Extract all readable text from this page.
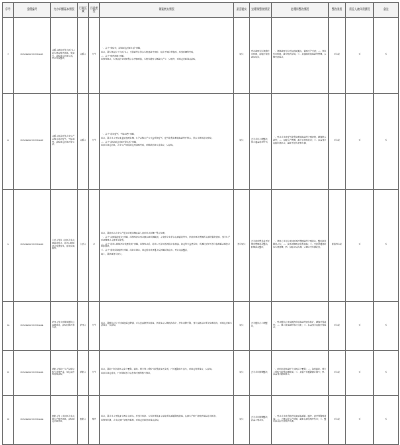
序号	受理编号	交办问题基本情况	行政区域	污染类型	调查核实情况	是否属实	处理和整改情况	处理和整改情况	整改进度	责任人被问责情况	备注
7	D2SCA202112220001	成都市武侯区某小区门口的垃圾站噪声扰民，臭味大，影响周边居民生活，要求尽快整改。	成都市	大气	一、关于“臭味大，影响周边居民生活”问题。
经查，该垃圾站位于小区门口，日常运行中存在垃圾清运不及时、冲洗不到位等情况，局部区域有异味。
二、关于“噪声扰民”问题。
经现场调查，垃圾站作业时间集中在早晚时段，垃圾压缩及车辆进出产生一定噪声，对周边居民造成影响。	属实	要求运营单位规范作业时间，加强日常清运和冲洗。	一、督促运营单位增加清运频次，做到日产日清；二、优化作业时间，减少噪声影响；三、加强除臭设施运行管理，定期开展巡查。	已办结	无	无
8	D2SCA202112220002	成都市双流区某企业生产过程中排放废气，气味刺鼻，影响周边居民正常生活。	成都市	大气	一、关于“排放废气，气味刺鼻”问题。
经查，该企业主要从事金属表面处理，生产过程中产生少量有机废气，废气收集处理设施运行不稳定，存在无组织排放现象。
二、关于“影响周边居民正常生活”问题。
经走访周边居民，企业生产时段周边可闻到异味，对附近居民生活造成一定影响。	属实	责令企业立即整改，停止违法排污行为。	一、要求企业对废气收集处理设施进行全面检修，确保稳定运行；二、加强生产管理，减少无组织排放；三、执法部门加强监督检查，适时开展监督性监测。	已办结	无	无
9	D2SCA202112220003	自贡市某化工园区企业夜间偷排废水，排污口附近河水发黑发臭，群众反映强烈。	自贡市	水	经查，该园区内企业生产废水经预处理后进入园区污水处理厂集中处理。
一、关于“夜间偷排废水”问题。经现场检查及查阅在线监测数据，未发现企业存在夜间偷排行为，但园区雨水管网存在混接错接情况，部分生产区初期雨水未能有效收集。
二、关于“排污口附近河水发黑发臭”问题。经现场查看，排污口下游局部河段水体浑浊，岸边有少量漂浮物，监测结果显示部分指标超过地表水标准限值。
三、关于“群众反映强烈”问题。经走访调查，周边群众对河道水质问题反映较多，要求加快整治。
综上，该问题部分属实。	部分属实	责令园区管委会开展雨污管网排查整治，限期完成整改。	一、组织专业单位对园区雨污管网进行全面排查，整改混接错接点位；二、完善初期雨水收集设施；三、开展河道清淤和垃圾清理；四、加强水质监测，定期公开监测结果。	阶段性办结	无	无
10	D2SCA202112220004	泸州市某小区附近餐饮店油烟直排，影响居民正常生活。	泸州市	大气	经查，该餐饮店位于居民楼底层商铺，已安装油烟净化设施，但设施未定期清洗维护，净化效率下降，部分油烟未经有效处理排放，对周边居民生活造成一定影响。	属实	责令餐饮店立即整改。	一、要求餐饮店对油烟净化设施进行清洗维护，确保正常运行；二、建立设施运行维护台账；三、执法部门加强日常巡查。	已办结	无	无
11	D2SCA202112220005	德阳市某砖厂生产过程中粉尘污染严重，周边农作物受到影响。	德阳市	大气	经查，该砖厂原料堆场未完全覆盖，破碎、筛分等工序粉尘收集设施不完善，厂区道路扬尘较大，对周边环境造成一定影响。
经走访周边群众，厂区附近部分农作物叶面有积尘现象。	属实	责令企业限期整改。	一、对原料堆场进行全封闭或全覆盖；二、完善破碎、筛分工序粉尘收集处理设施；三、加强厂区道路洒水降尘；四、执法部门跟踪督办。	已办结	无	无
12	D2SCA202112220006	绵阳市某工业园区企业夜间生产噪声扰民，影响周边居民休息。	绵阳市	噪声	经查，该企业主要设备布置在车间内，但部分风机、空压机等设备未采取有效减振降噪措施，夜间生产时厂界噪声超过排放标准。
经现场监测，企业夜间厂界噪声超标，对周边居民休息造成影响。	属实	责令企业限期整改，依法立案查处。	一、要求企业对高噪声设备采取减振、隔声、消声等降噪措施；二、合理安排生产时间，避免夜间高噪声作业；三、整改完成后开展噪声监测。	已办结	无	无
